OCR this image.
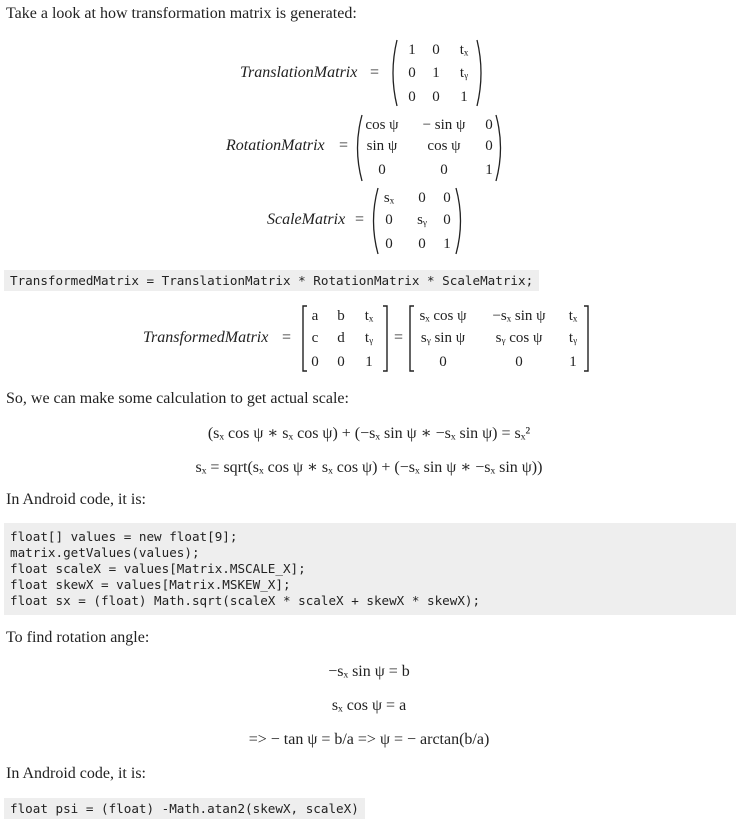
Take a look at how transformation matrix is generated:

TranslationMatrix =
1 0 tₓ
0 1 tᵧ
0 0 1
RotationMatrix =
cos ψ − sin ψ 0
sin ψ cos ψ 0
0	0	1
ScaleMatrix =
sₓ 0 0
0 sᵧ 0
0 0 1
TransformedMatrix = TranslationMatrix * RotationMatrix * ScaleMatrix;
TransformedMatrix =
a b tₓ
c d tᵧ
0 0 1
=
sₓ cos ψ −sₓ sin ψ tₓ
sᵧ sin ψ sᵧ cos ψ tᵧ
0	0	1

So, we can make some calculation to get actual scale:

(sₓ cos ψ ∗ sₓ cos ψ) + (−sₓ sin ψ ∗ −sₓ sin ψ) = sₓ²
sₓ = sqrt(sₓ cos ψ ∗ sₓ cos ψ) + (−sₓ sin ψ ∗ −sₓ sin ψ))

In Android code, it is:

float[] values = new float[9];
matrix.getValues(values);
float scaleX = values[Matrix.MSCALE_X];
float skewX = values[Matrix.MSKEW_X];
float sx = (float) Math.sqrt(scaleX * scaleX + skewX * skewX);

To find rotation angle:

−sₓ sin ψ = b
sₓ cos ψ = a
=> − tan ψ = b/a => ψ = − arctan(b/a)

In Android code, it is:

float psi = (float) -Math.atan2(skewX, scaleX)
